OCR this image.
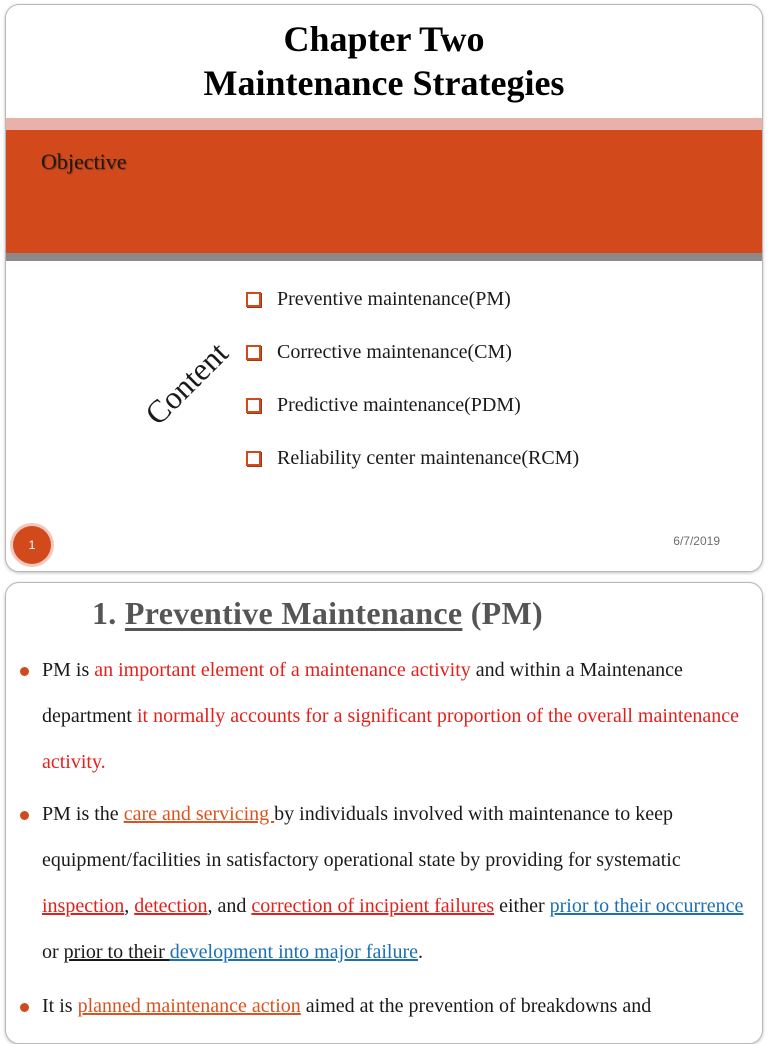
Chapter Two
Maintenance Strategies
Objective
Content
Preventive maintenance(PM)
Corrective maintenance(CM)
Predictive maintenance(PDM)
Reliability center maintenance(RCM)
1	6/7/2019
1. Preventive Maintenance (PM)
PM is an important element of a maintenance activity and within a Maintenance department it normally accounts for a significant proportion of the overall maintenance activity.
PM is the care and servicing by individuals involved with maintenance to keep equipment/facilities in satisfactory operational state by providing for systematic inspection, detection, and correction of incipient failures either prior to their occurrence or prior to their development into major failure.
It is planned maintenance action aimed at the prevention of breakdowns and
